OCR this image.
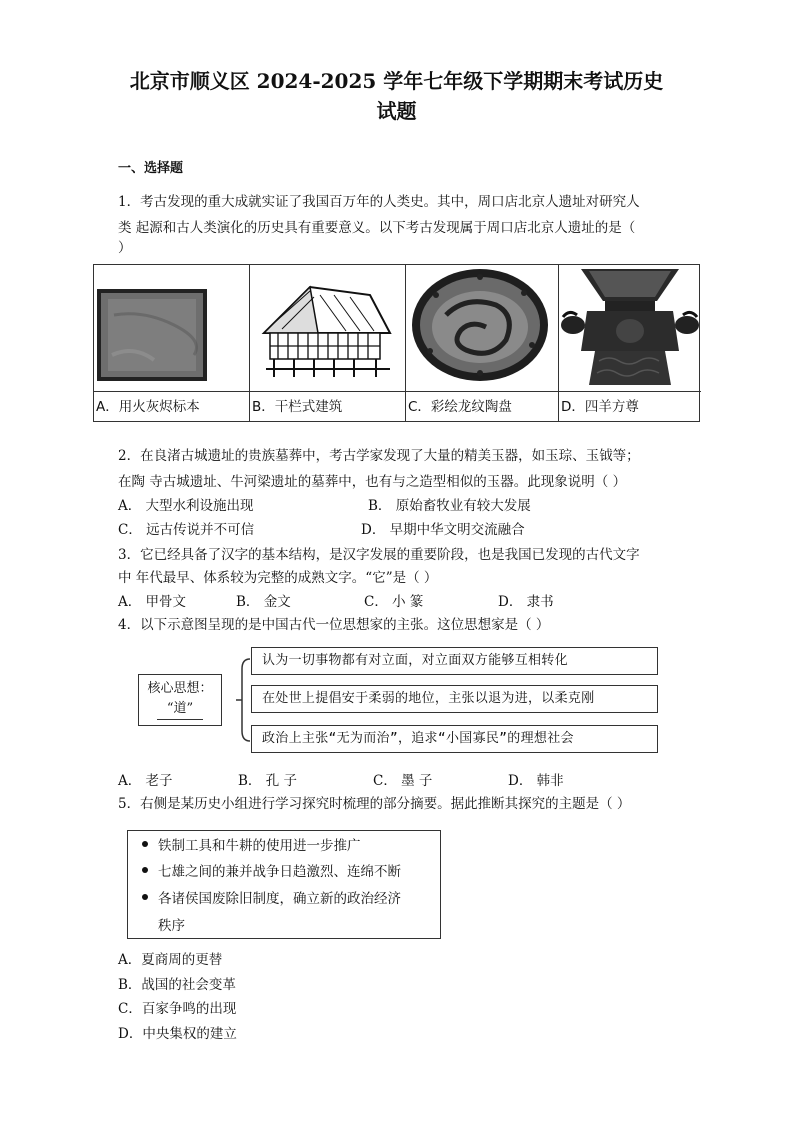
北京市顺义区 2024-2025 学年七年级下学期期末考试历史
试题
一、选择题
1．考古发现的重大成就实证了我国百万年的人类史。其中，周口店北京人遗址对研究人
类 起源和古人类演化的历史具有重要意义。以下考古发现属于周口店北京人遗址的是（
）
A．用火灰烬标本	B．干栏式建筑	C．彩绘龙纹陶盘	D．四羊方尊
2．在良渚古城遗址的贵族墓葬中，考古学家发现了大量的精美玉器，如玉琮、玉钺等；
在陶 寺古城遗址、牛河梁遗址的墓葬中，也有与之造型相似的玉器。此现象说明（ ）
A． 大型水利设施出现	B． 原始畜牧业有较大发展
C． 远古传说并不可信	D． 早期中华文明交流融合
3．它已经具备了汉字的基本结构，是汉字发展的重要阶段，也是我国已发现的古代文字
中 年代最早、体系较为完整的成熟文字。“它”是（ ）
A． 甲骨文	B． 金文	C． 小 篆	D． 隶书
4．以下示意图呈现的是中国古代一位思想家的主张。这位思想家是（ ）
核心思想：
“道”
认为一切事物都有对立面，对立面双方能够互相转化
在处世上提倡安于柔弱的地位，主张以退为进，以柔克刚
政治上主张“无为而治”，追求“小国寡民”的理想社会
A． 老子	B． 孔 子	C． 墨 子	D． 韩非
5．右侧是某历史小组进行学习探究时梳理的部分摘要。据此推断其探究的主题是（ ）
铁制工具和牛耕的使用进一步推广
七雄之间的兼并战争日趋激烈、连绵不断
各诸侯国废除旧制度，确立新的政治经济
秩序
A．夏商周的更替
B．战国的社会变革
C．百家争鸣的出现
D．中央集权的建立
